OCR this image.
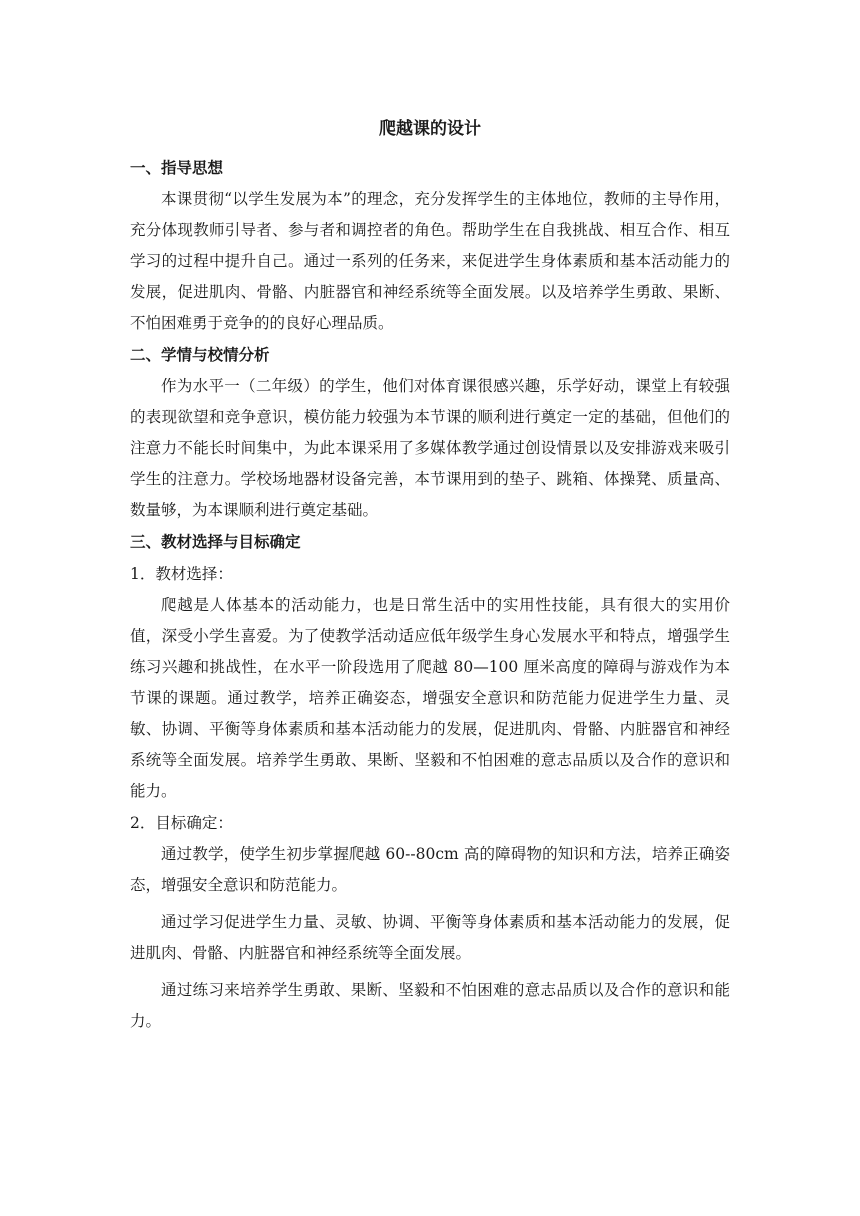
爬越课的设计
一、指导思想

本课贯彻“以学生发展为本”的理念，充分发挥学生的主体地位，教师的主导作用，充分体现教师引导者、参与者和调控者的角色。帮助学生在自我挑战、相互合作、相互学习的过程中提升自己。通过一系列的任务来，来促进学生身体素质和基本活动能力的发展，促进肌肉、骨骼、内脏器官和神经系统等全面发展。以及培养学生勇敢、果断、不怕困难勇于竞争的的良好心理品质。

二、学情与校情分析

作为水平一（二年级）的学生，他们对体育课很感兴趣，乐学好动，课堂上有较强的表现欲望和竞争意识，模仿能力较强为本节课的顺利进行奠定一定的基础，但他们的注意力不能长时间集中，为此本课采用了多媒体教学通过创设情景以及安排游戏来吸引学生的注意力。学校场地器材设备完善，本节课用到的垫子、跳箱、体操凳、质量高、数量够，为本课顺利进行奠定基础。

三、教材选择与目标确定
1．教材选择：

爬越是人体基本的活动能力，也是日常生活中的实用性技能，具有很大的实用价值，深受小学生喜爱。为了使教学活动适应低年级学生身心发展水平和特点，增强学生练习兴趣和挑战性，在水平一阶段选用了爬越 80—100 厘米高度的障碍与游戏作为本节课的课题。通过教学，培养正确姿态，增强安全意识和防范能力促进学生力量、灵敏、协调、平衡等身体素质和基本活动能力的发展，促进肌肉、骨骼、内脏器官和神经系统等全面发展。培养学生勇敢、果断、坚毅和不怕困难的意志品质以及合作的意识和能力。

2．目标确定：

通过教学，使学生初步掌握爬越 60--80cm 高的障碍物的知识和方法，培养正确姿态，增强安全意识和防范能力。

通过学习促进学生力量、灵敏、协调、平衡等身体素质和基本活动能力的发展，促进肌肉、骨骼、内脏器官和神经系统等全面发展。

通过练习来培养学生勇敢、果断、坚毅和不怕困难的意志品质以及合作的意识和能力。
